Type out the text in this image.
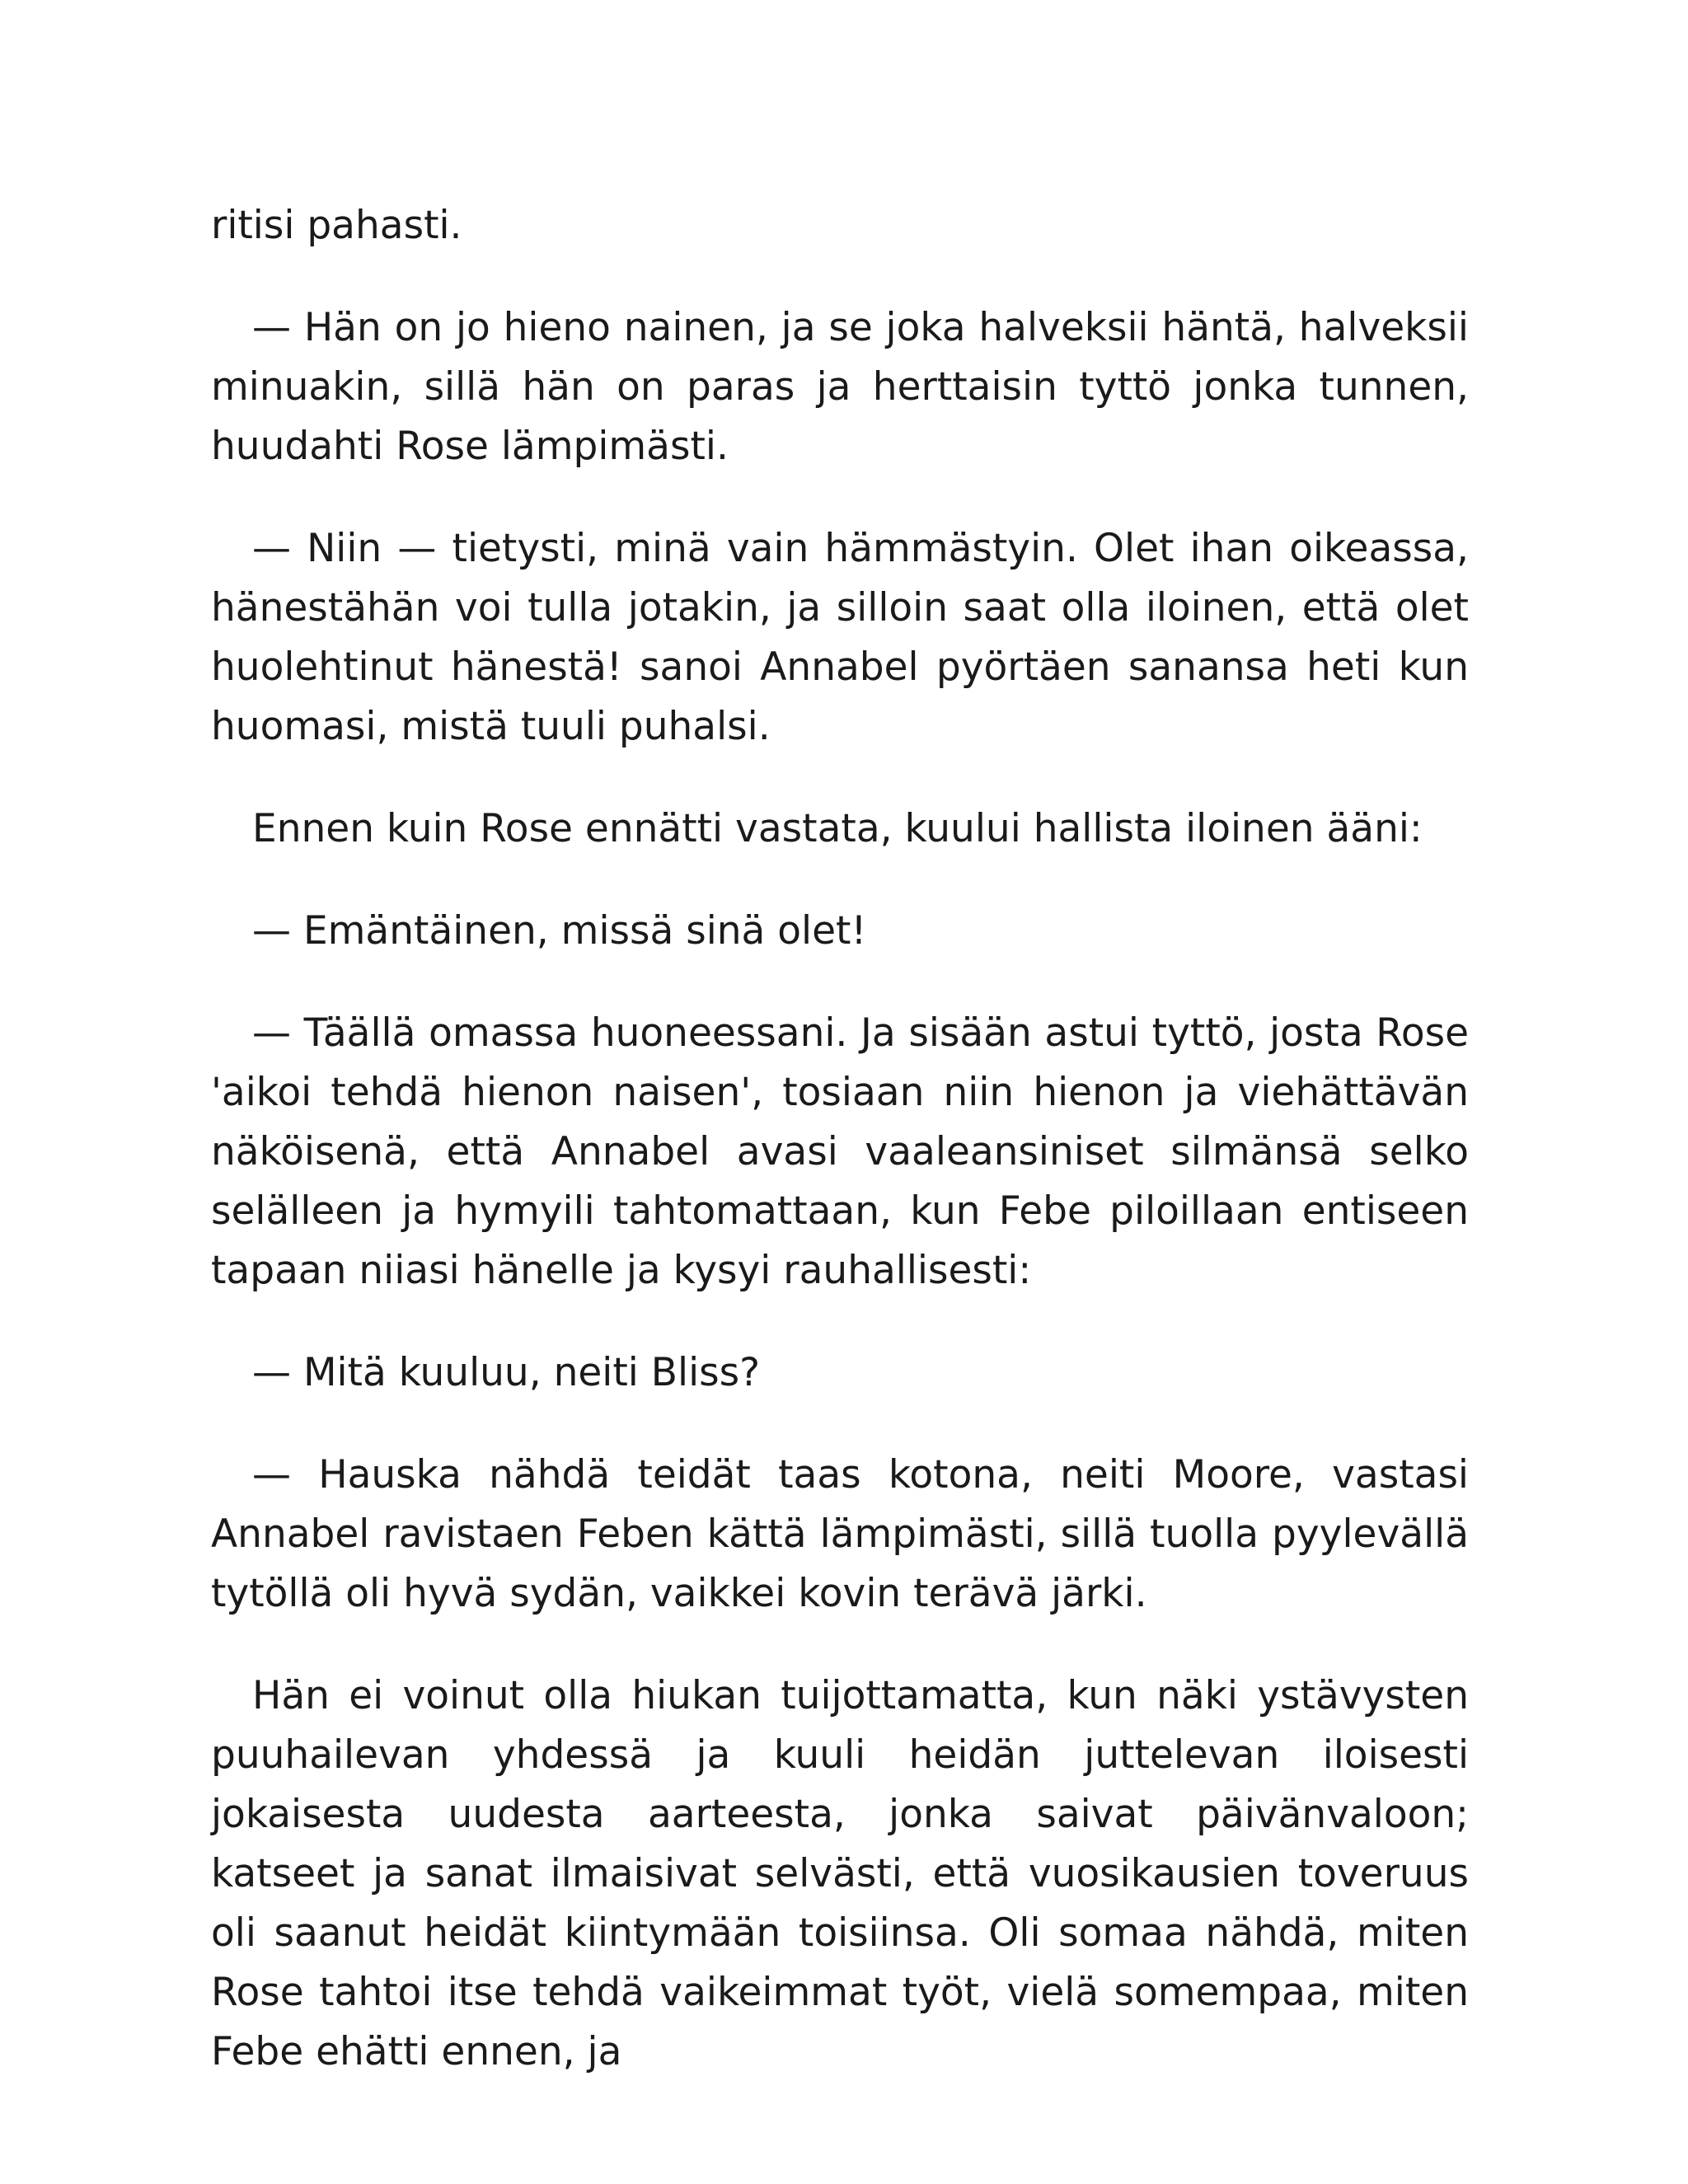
ritisi pahasti.

— Hän on jo hieno nainen, ja se joka halveksii häntä, halveksii minuakin, sillä hän on paras ja herttaisin tyttö jonka tunnen, huudahti Rose lämpimästi.

— Niin — tietysti, minä vain hämmästyin. Olet ihan oikeassa, hänestähän voi tulla jotakin, ja silloin saat olla iloinen, että olet huolehtinut hänestä! sanoi Annabel pyörtäen sanansa heti kun huomasi, mistä tuuli puhalsi.

Ennen kuin Rose ennätti vastata, kuului hallista iloinen ääni:

— Emäntäinen, missä sinä olet!

— Täällä omassa huoneessani. Ja sisään astui tyttö, josta Rose 'aikoi tehdä hienon naisen', tosiaan niin hienon ja viehättävän näköisenä, että Annabel avasi vaaleansiniset silmänsä selko selälleen ja hymyili tahtomattaan, kun Febe piloillaan entiseen tapaan niiasi hänelle ja kysyi rauhallisesti:

— Mitä kuuluu, neiti Bliss?

— Hauska nähdä teidät taas kotona, neiti Moore, vastasi Annabel ravistaen Feben kättä lämpimästi, sillä tuolla pyylevällä tytöllä oli hyvä sydän, vaikkei kovin terävä järki.

Hän ei voinut olla hiukan tuijottamatta, kun näki ystävysten puuhailevan yhdessä ja kuuli heidän juttelevan iloisesti jokaisesta uudesta aarteesta, jonka saivat päivänvaloon; katseet ja sanat ilmaisivat selvästi, että vuosikausien toveruus oli saanut heidät kiintymään toisiinsa. Oli somaa nähdä, miten Rose tahtoi itse tehdä vaikeimmat työt, vielä somempaa, miten Febe ehätti ennen, ja
